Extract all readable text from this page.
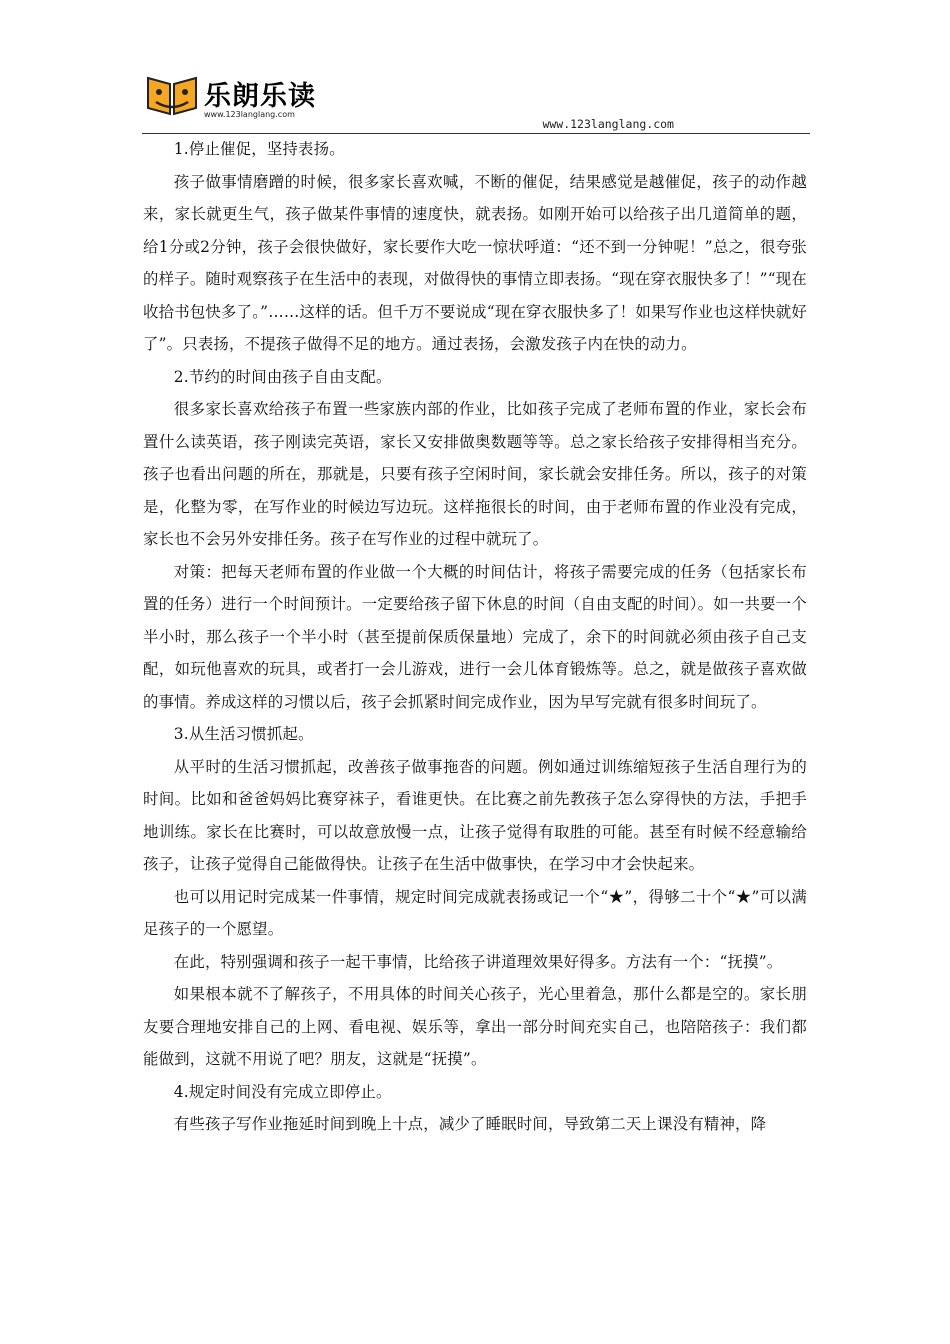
乐朗乐读
www.123langlang.com
www.123langlang.com

1.停止催促，坚持表扬。

孩子做事情磨蹭的时候，很多家长喜欢喊，不断的催促，结果感觉是越催促，孩子的动作越来，家长就更生气，孩子做某件事情的速度快，就表扬。如刚开始可以给孩子出几道简单的题，给1分或2分钟，孩子会很快做好，家长要作大吃一惊状呼道：“还不到一分钟呢！”总之，很夸张的样子。随时观察孩子在生活中的表现，对做得快的事情立即表扬。“现在穿衣服快多了！”“现在收拾书包快多了。”……这样的话。但千万不要说成“现在穿衣服快多了！如果写作业也这样快就好了”。只表扬，不提孩子做得不足的地方。通过表扬，会激发孩子内在快的动力。

2.节约的时间由孩子自由支配。

很多家长喜欢给孩子布置一些家族内部的作业，比如孩子完成了老师布置的作业，家长会布置什么读英语，孩子刚读完英语，家长又安排做奥数题等等。总之家长给孩子安排得相当充分。孩子也看出问题的所在，那就是，只要有孩子空闲时间，家长就会安排任务。所以，孩子的对策是，化整为零，在写作业的时候边写边玩。这样拖很长的时间，由于老师布置的作业没有完成，家长也不会另外安排任务。孩子在写作业的过程中就玩了。

对策：把每天老师布置的作业做一个大概的时间估计，将孩子需要完成的任务（包括家长布置的任务）进行一个时间预计。一定要给孩子留下休息的时间（自由支配的时间）。如一共要一个半小时，那么孩子一个半小时（甚至提前保质保量地）完成了，余下的时间就必须由孩子自己支配，如玩他喜欢的玩具，或者打一会儿游戏，进行一会儿体育锻炼等。总之，就是做孩子喜欢做的事情。养成这样的习惯以后，孩子会抓紧时间完成作业，因为早写完就有很多时间玩了。

3.从生活习惯抓起。

从平时的生活习惯抓起，改善孩子做事拖沓的问题。例如通过训练缩短孩子生活自理行为的时间。比如和爸爸妈妈比赛穿袜子，看谁更快。在比赛之前先教孩子怎么穿得快的方法，手把手地训练。家长在比赛时，可以故意放慢一点，让孩子觉得有取胜的可能。甚至有时候不经意输给孩子，让孩子觉得自己能做得快。让孩子在生活中做事快，在学习中才会快起来。

也可以用记时完成某一件事情，规定时间完成就表扬或记一个“★”，得够二十个“★”可以满足孩子的一个愿望。

在此，特别强调和孩子一起干事情，比给孩子讲道理效果好得多。方法有一个：“抚摸”。

如果根本就不了解孩子，不用具体的时间关心孩子，光心里着急，那什么都是空的。家长朋友要合理地安排自己的上网、看电视、娱乐等，拿出一部分时间充实自己，也陪陪孩子：我们都能做到，这就不用说了吧？朋友，这就是“抚摸”。

4.规定时间没有完成立即停止。

有些孩子写作业拖延时间到晚上十点，减少了睡眠时间，导致第二天上课没有精神，降
